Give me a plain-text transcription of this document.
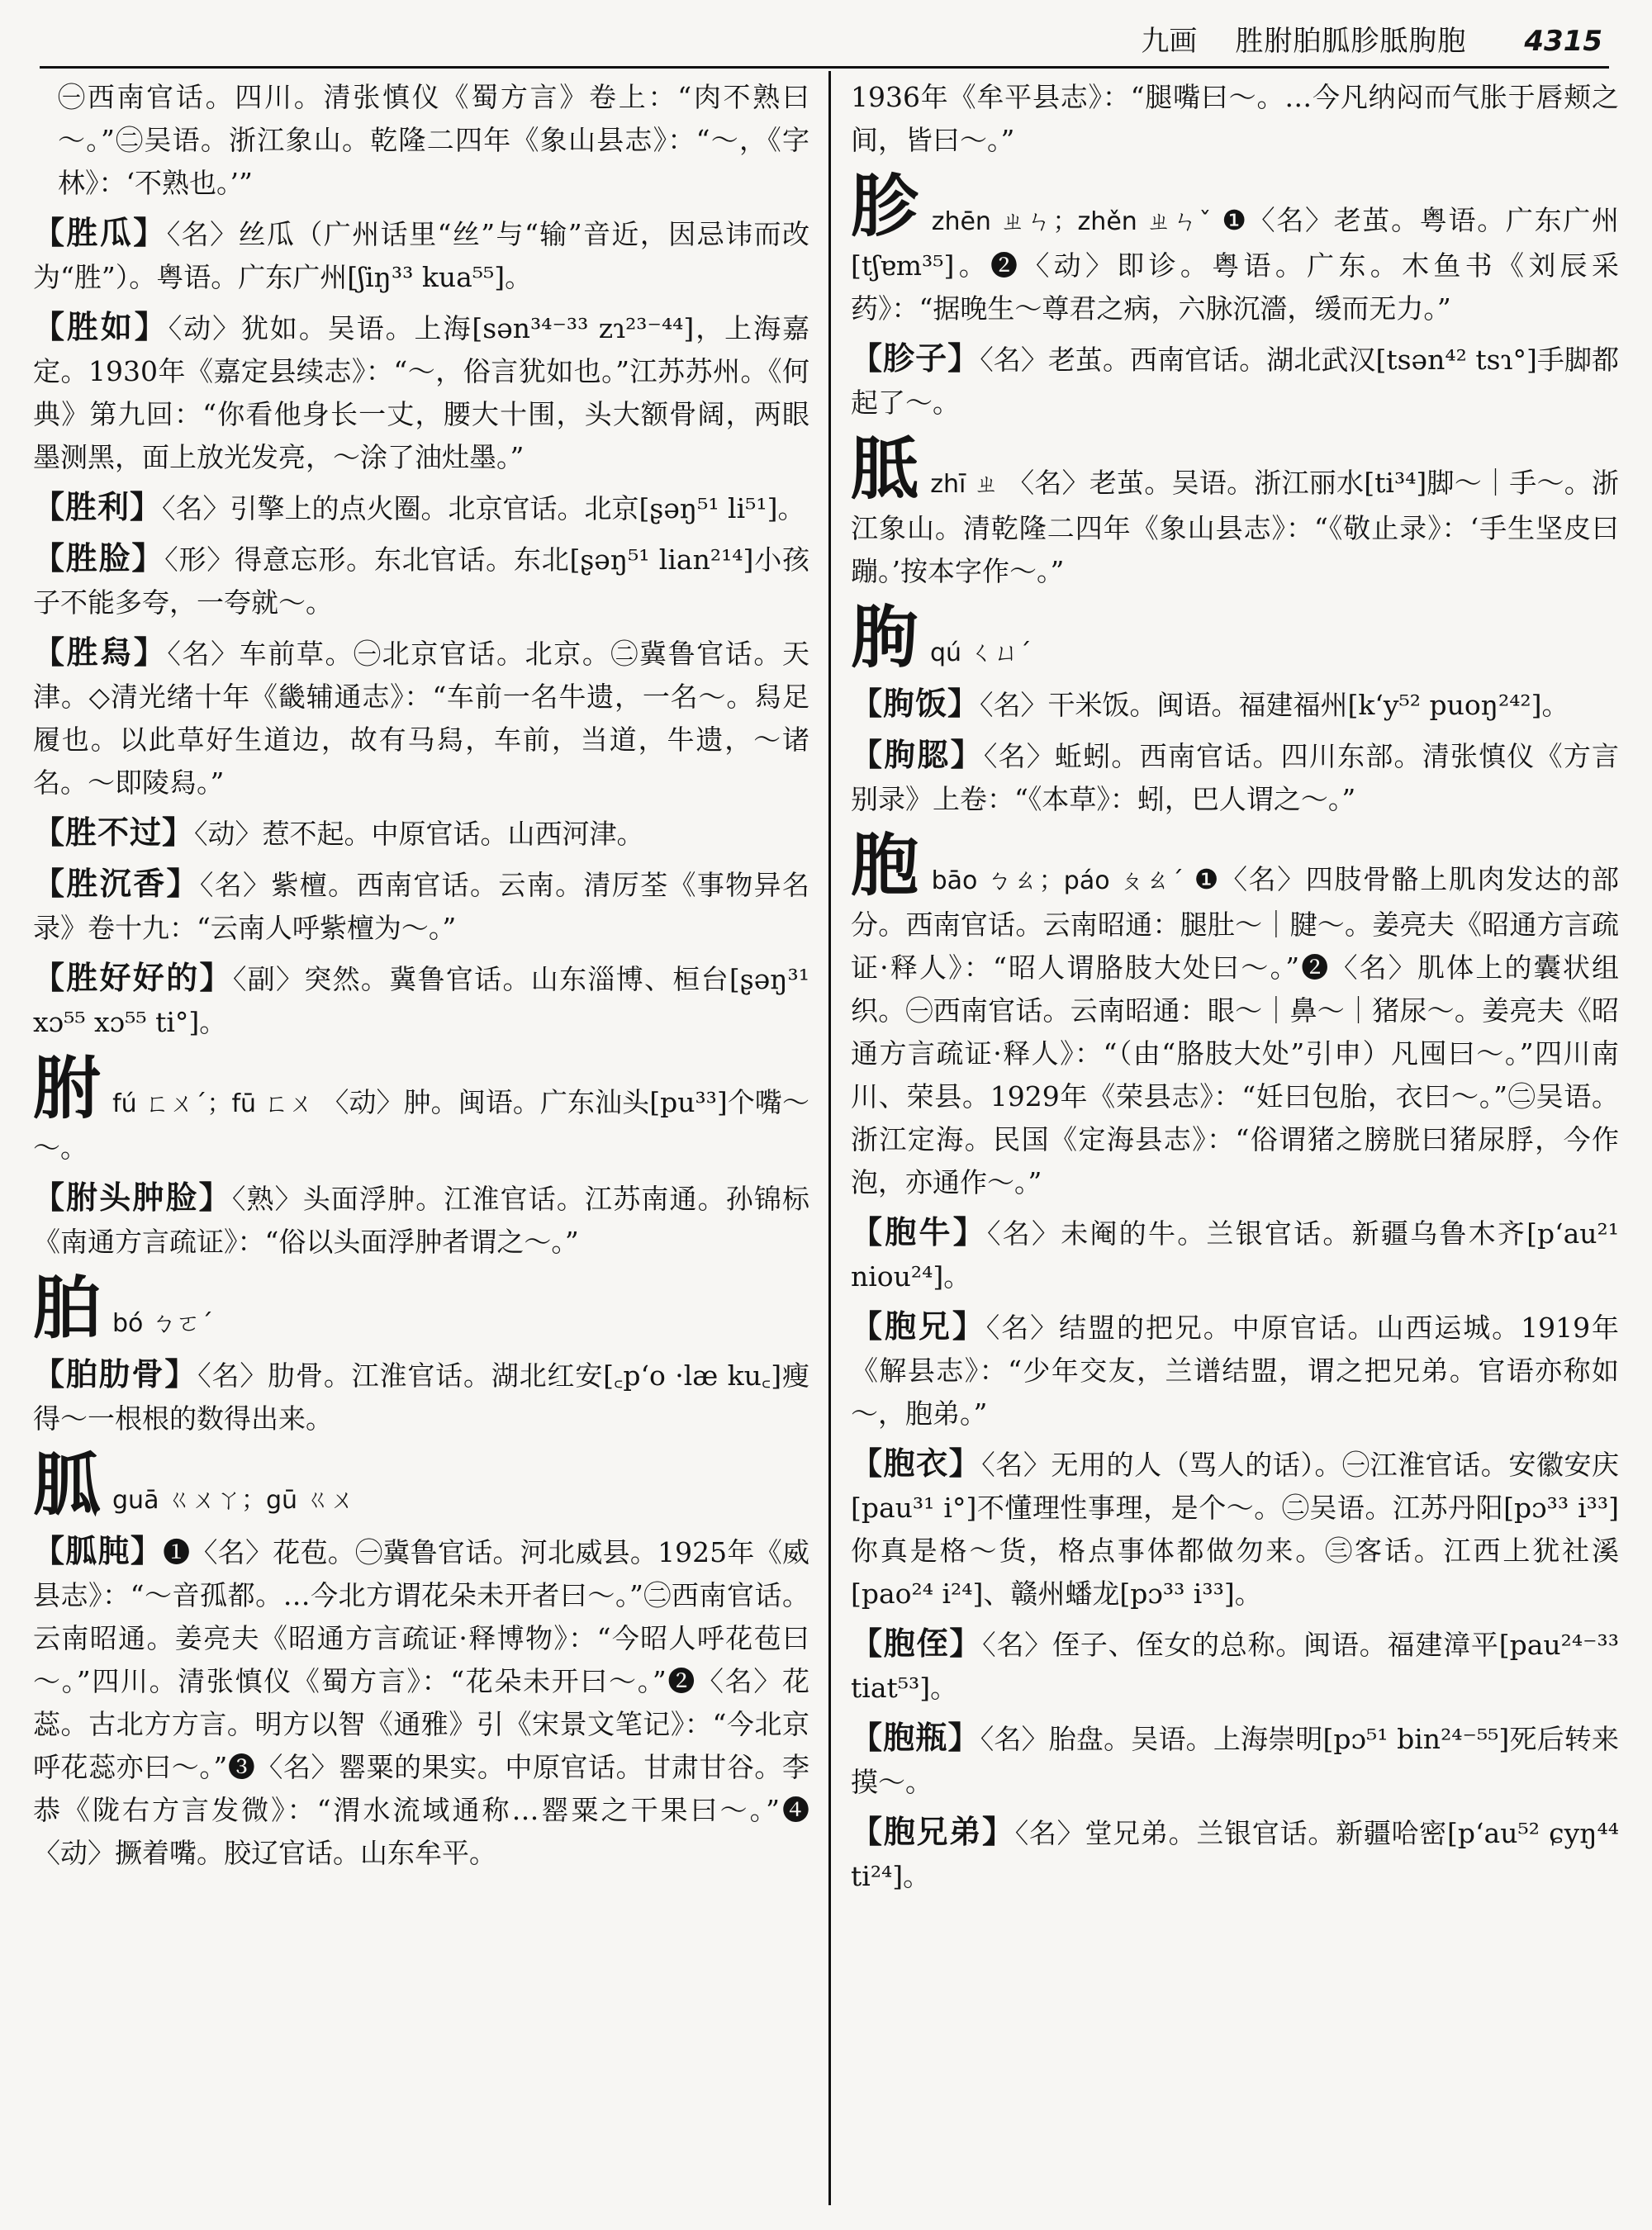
九画 胜胕胉胍胗胝朐胞 4315
㊀西南官话。四川。清张慎仪《蜀方言》卷上：“肉不熟曰～。”㊁吴语。浙江象山。乾隆二四年《象山县志》：“～，《字林》：‘不熟也。’”
【胜瓜】〈名〉丝瓜（广州话里“丝”与“输”音近，因忌讳而改为“胜”）。粤语。广东广州[ʃiŋ³³ kua⁵⁵]。
【胜如】〈动〉犹如。吴语。上海[sən³⁴⁻³³ zɿ²³⁻⁴⁴]，上海嘉定。1930年《嘉定县续志》：“～，俗言犹如也。”江苏苏州。《何典》第九回：“你看他身长一丈，腰大十围，头大额骨阔，两眼墨测黑，面上放光发亮，～涂了油灶墨。”
【胜利】〈名〉引擎上的点火圈。北京官话。北京[ʂəŋ⁵¹ li⁵¹]。
【胜脸】〈形〉得意忘形。东北官话。东北[ʂəŋ⁵¹ lian²¹⁴]小孩子不能多夸，一夸就～。
【胜舄】〈名〉车前草。㊀北京官话。北京。㊁冀鲁官话。天津。◇清光绪十年《畿辅通志》：“车前一名牛遗，一名～。舄足履也。以此草好生道边，故有马舄，车前，当道，牛遗，～诸名。～即陵舄。”
【胜不过】〈动〉惹不起。中原官话。山西河津。
【胜沉香】〈名〉紫檀。西南官话。云南。清厉荃《事物异名录》卷十九：“云南人呼紫檀为～。”
【胜好好的】〈副〉突然。冀鲁官话。山东淄博、桓台[ʂəŋ³¹ xɔ⁵⁵ xɔ⁵⁵ ti°]。
胕fú ㄈㄨˊ；fū ㄈㄨ 〈动〉肿。闽语。广东汕头[pu³³]个嘴～～。
【胕头肿脸】〈熟〉头面浮肿。江淮官话。江苏南通。孙锦标《南通方言疏证》：“俗以头面浮肿者谓之～。”
胉bó ㄅㄛˊ
【胉肋骨】〈名〉肋骨。江淮官话。湖北红安[꜀pʻo ·læ ku꜀]瘦得～一根根的数得出来。
胍guā ㄍㄨㄚ；gū ㄍㄨ
【胍肫】❶〈名〉花苞。㊀冀鲁官话。河北威县。1925年《威县志》：“～音孤都。…今北方谓花朵未开者曰～。”㊁西南官话。云南昭通。姜亮夫《昭通方言疏证·释博物》：“今昭人呼花苞曰～。”四川。清张慎仪《蜀方言》：“花朵未开曰～。”❷〈名〉花蕊。古北方方言。明方以智《通雅》引《宋景文笔记》：“今北京呼花蕊亦曰～。”❸〈名〉罂粟的果实。中原官话。甘肃甘谷。李恭《陇右方言发微》：“渭水流域通称…罂粟之干果曰～。”❹〈动〉撅着嘴。胶辽官话。山东牟平。
1936年《牟平县志》：“腿嘴曰～。…今凡纳闷而气胀于唇颊之间，皆曰～。”
胗zhēn ㄓㄣ；zhěn ㄓㄣˇ ❶〈名〉老茧。粤语。广东广州[tʃɐm³⁵]。❷〈动〉即诊。粤语。广东。木鱼书《刘辰采药》：“据晚生～尊君之病，六脉沉濇，缓而无力。”
【胗子】〈名〉老茧。西南官话。湖北武汉[tsən⁴² tsɿ°]手脚都起了～。
胝zhī ㄓ 〈名〉老茧。吴语。浙江丽水[ti³⁴]脚～｜手～。浙江象山。清乾隆二四年《象山县志》：“《敬止录》：‘手生坚皮曰蹦。’按本字作～。”
朐qú ㄑㄩˊ
【朐饭】〈名〉干米饭。闽语。福建福州[kʻy⁵² puoŋ²⁴²]。
【朐䏰】〈名〉蚯蚓。西南官话。四川东部。清张慎仪《方言别录》上卷：“《本草》：蚓，巴人谓之～。”
胞bāo ㄅㄠ；páo ㄆㄠˊ ❶〈名〉四肢骨骼上肌肉发达的部分。西南官话。云南昭通：腿肚～｜腱～。姜亮夫《昭通方言疏证·释人》：“昭人谓胳肢大处曰～。”❷〈名〉肌体上的囊状组织。㊀西南官话。云南昭通：眼～｜鼻～｜猪尿～。姜亮夫《昭通方言疏证·释人》：“（由“胳肢大处”引申）凡囤曰～。”四川南川、荣县。1929年《荣县志》：“妊曰包胎，衣曰～。”㊁吴语。浙江定海。民国《定海县志》：“俗谓猪之膀胱曰猪尿脬，今作泡，亦通作～。”
【胞牛】〈名〉未阉的牛。兰银官话。新疆乌鲁木齐[pʻau²¹ niou²⁴]。
【胞兄】〈名〉结盟的把兄。中原官话。山西运城。1919年《解县志》：“少年交友，兰谱结盟，谓之把兄弟。官语亦称如～，胞弟。”
【胞衣】〈名〉无用的人（骂人的话）。㊀江淮官话。安徽安庆[pau³¹ i°]不懂理性事理，是个～。㊁吴语。江苏丹阳[pɔ³³ i³³]你真是格～货，格点事体都做勿来。㊂客话。江西上犹社溪[pao²⁴ i²⁴]、赣州蟠龙[pɔ³³ i³³]。
【胞侄】〈名〉侄子、侄女的总称。闽语。福建漳平[pau²⁴⁻³³ tiat⁵³]。
【胞瓶】〈名〉胎盘。吴语。上海崇明[pɔ⁵¹ bin²⁴⁻⁵⁵]死后转来摸～。
【胞兄弟】〈名〉堂兄弟。兰银官话。新疆哈密[pʻau⁵² ɕyŋ⁴⁴ ti²⁴]。
